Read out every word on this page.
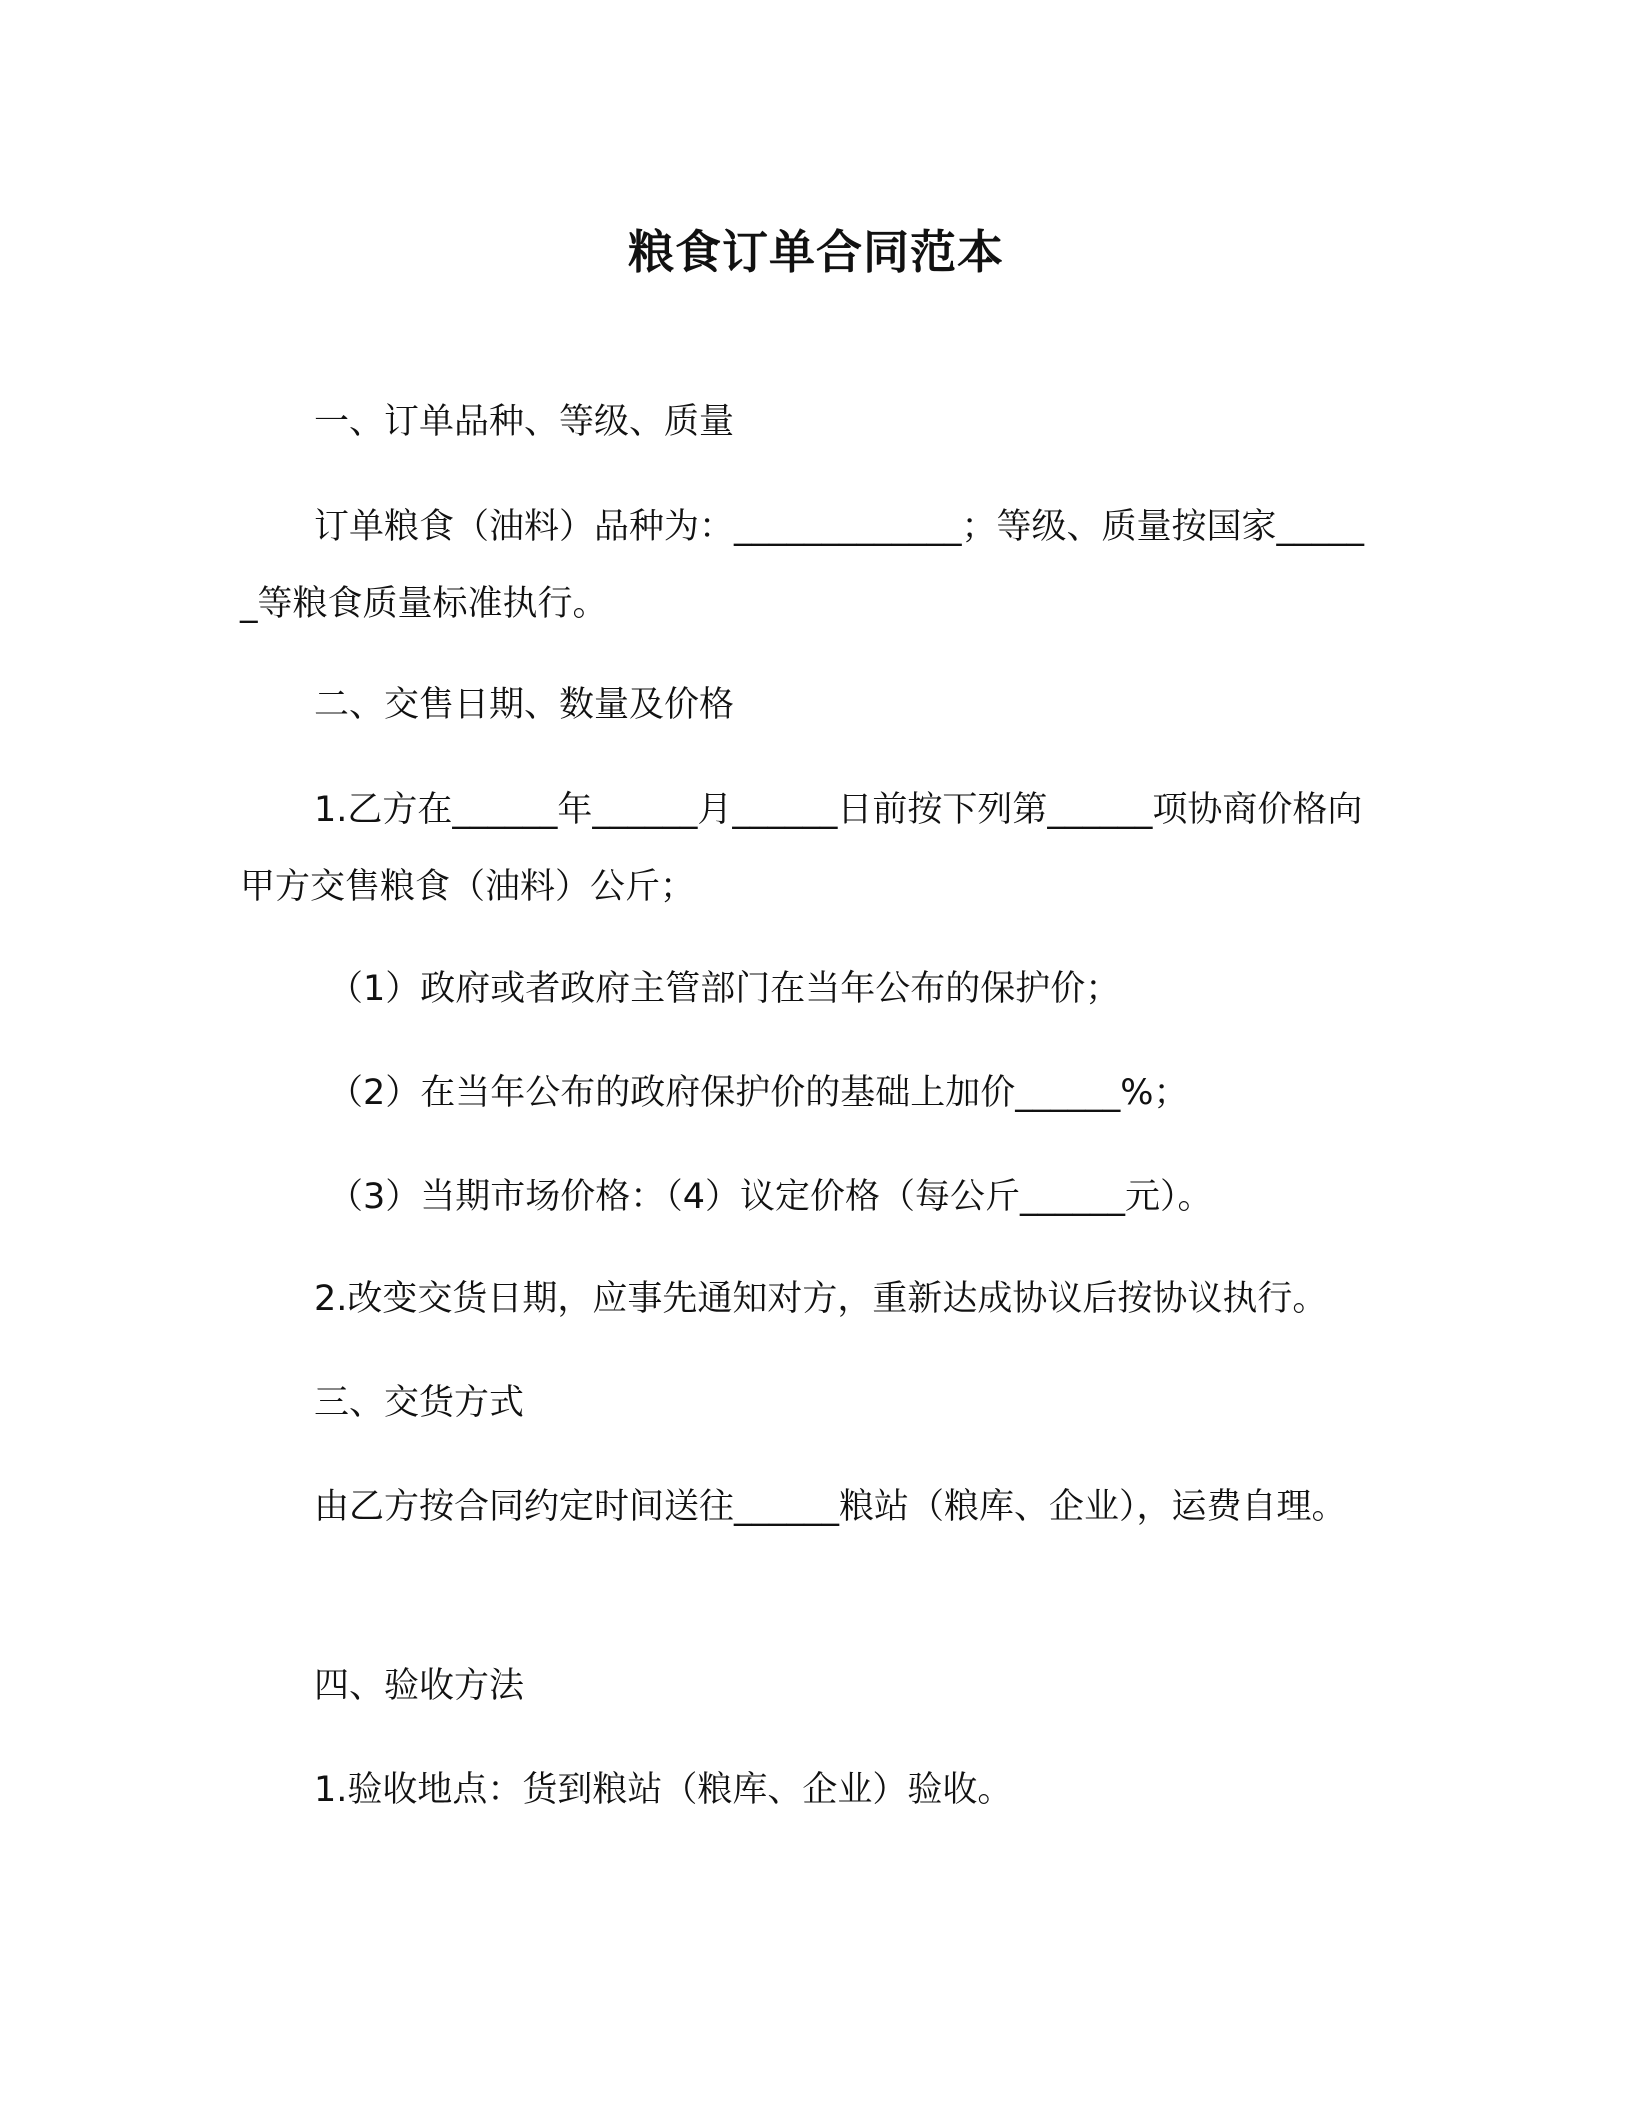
粮食订单合同范本
一、订单品种、等级、质量
订单粮食（油料）品种为：_____________；等级、质量按国家______等粮食质量标准执行。
二、交售日期、数量及价格
1.乙方在______年______月______日前按下列第______项协商价格向甲方交售粮食（油料）公斤；
（1）政府或者政府主管部门在当年公布的保护价；
（2）在当年公布的政府保护价的基础上加价______%；
（3）当期市场价格：（4）议定价格（每公斤______元）。
2.改变交货日期，应事先通知对方，重新达成协议后按协议执行。
三、交货方式
由乙方按合同约定时间送往______粮站（粮库、企业），运费自理。
四、验收方法
1.验收地点：货到粮站（粮库、企业）验收。
